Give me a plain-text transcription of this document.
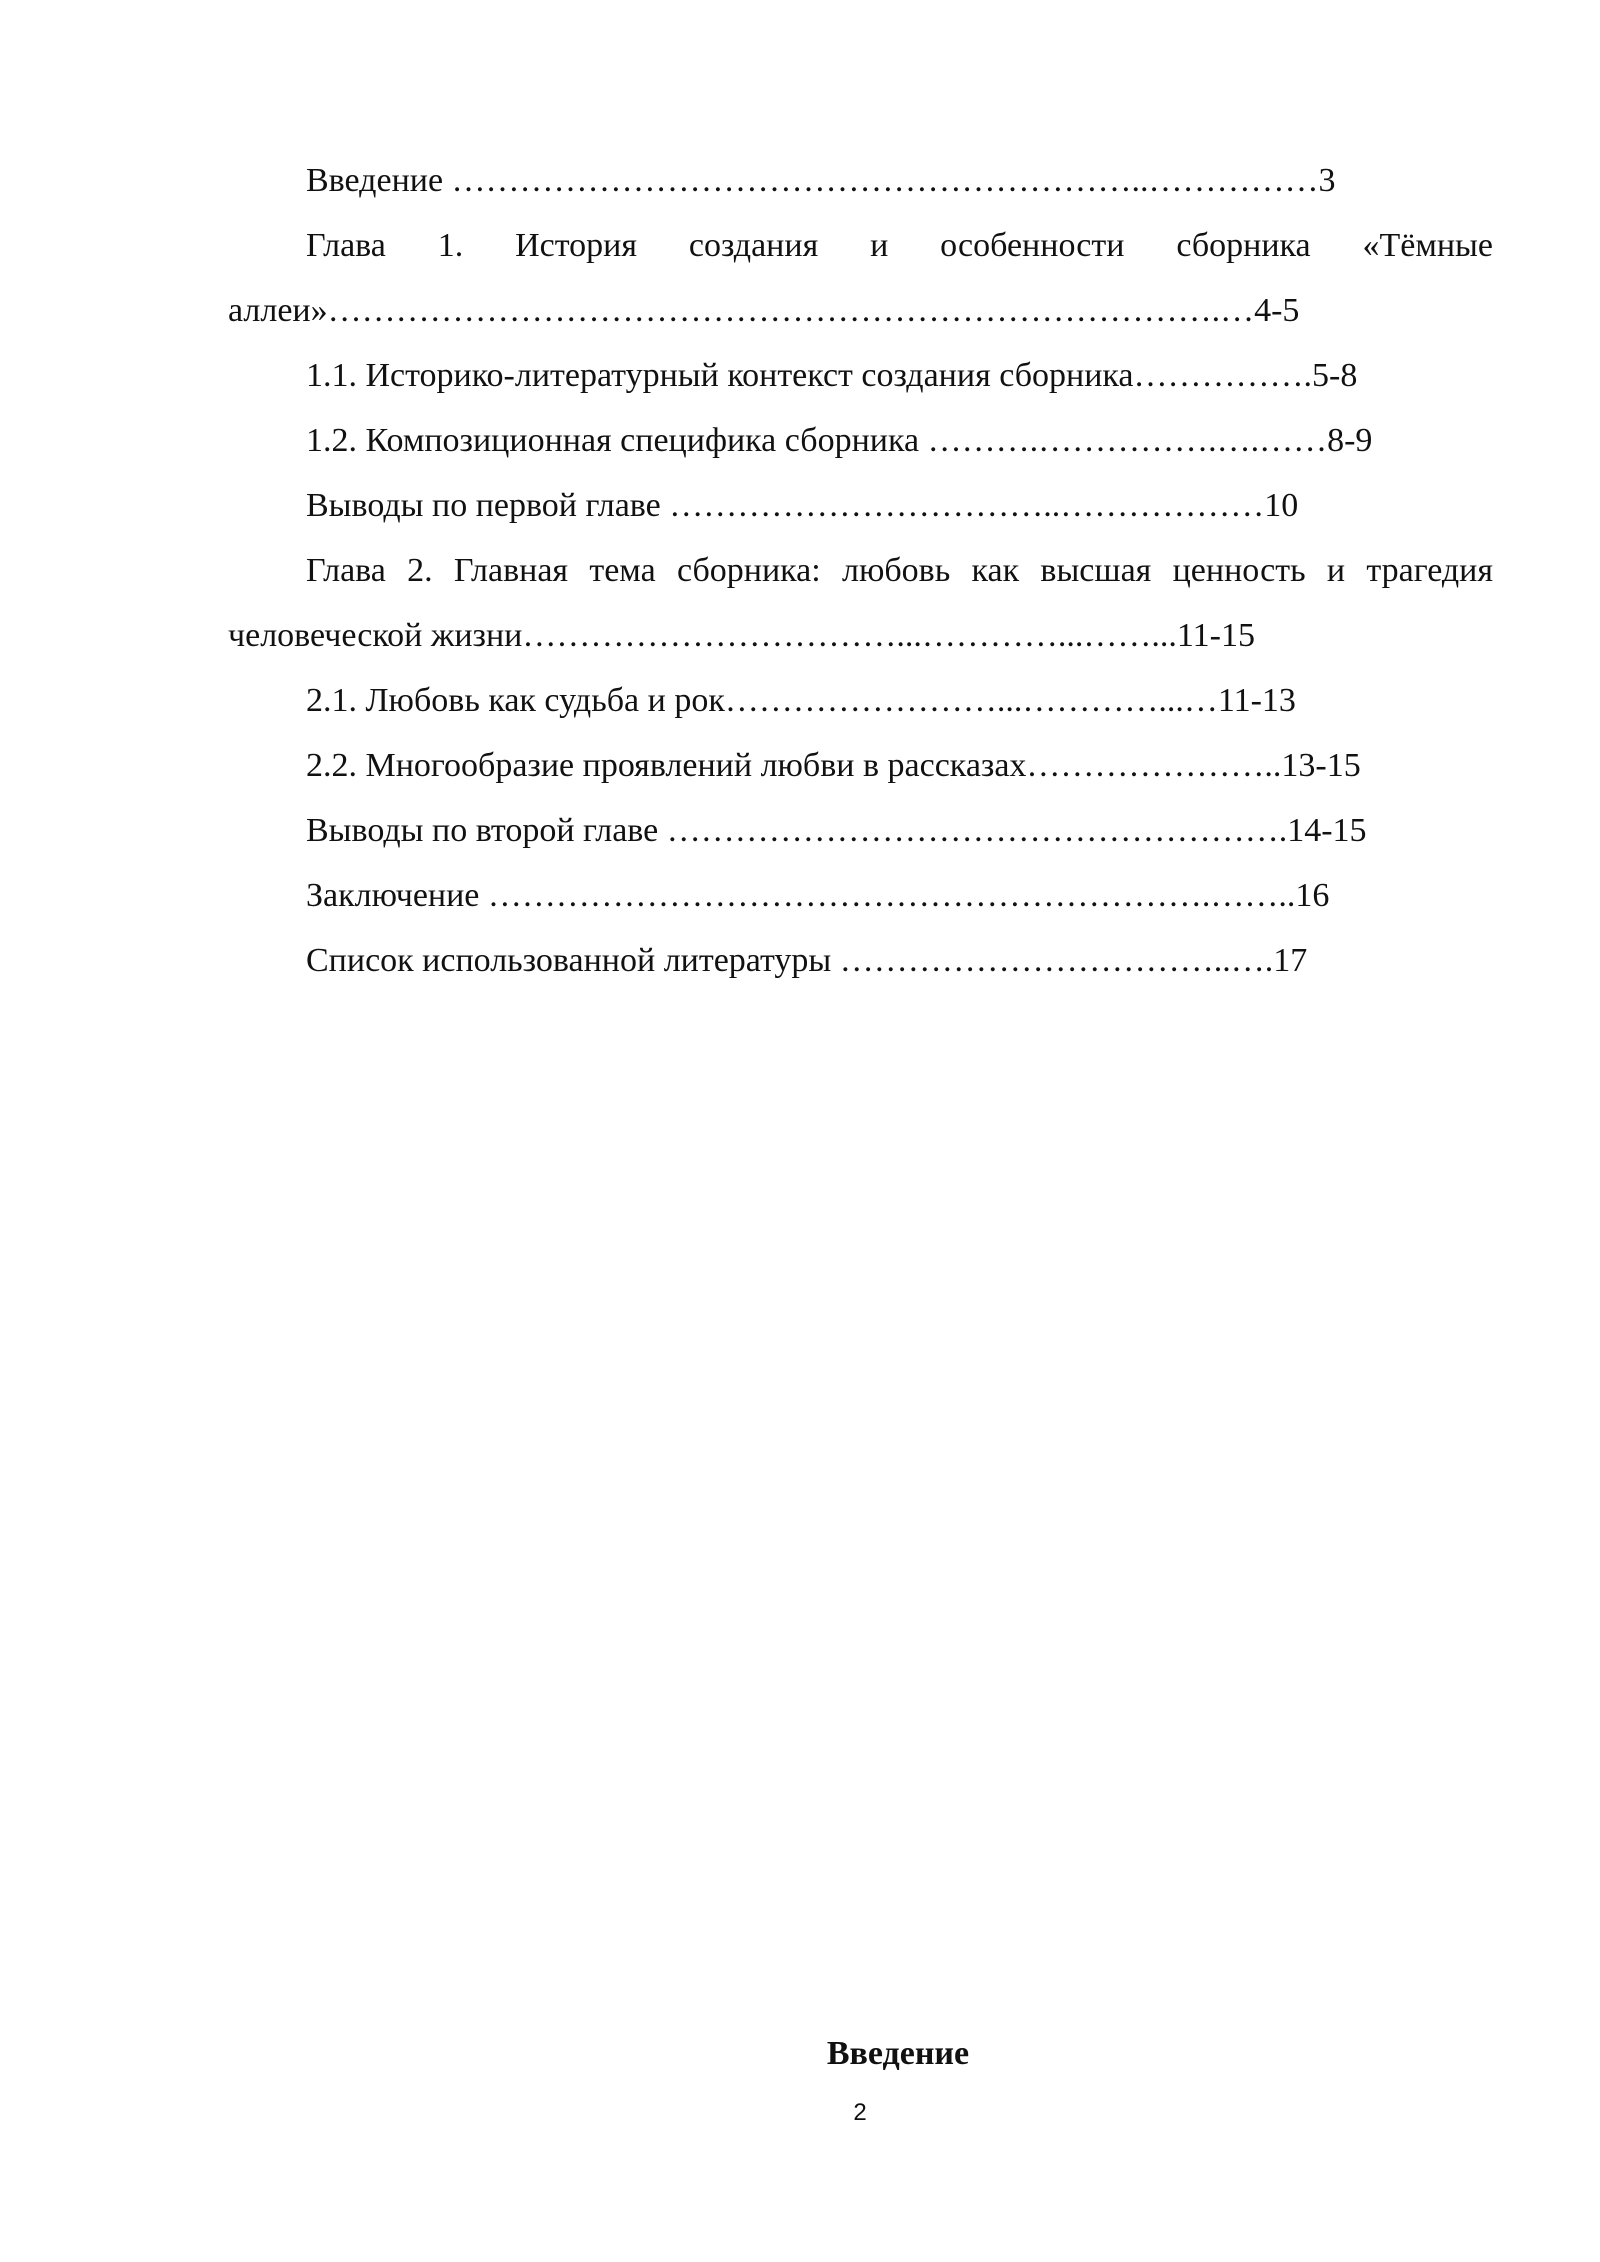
Введение ……………………………………………………..……………3
Глава 1. История создания и особенности сборника «Тёмные
аллеи»…………………………………………………………………….…4-5
1.1. Историко-литературный контекст создания сборника…………….5-8
1.2. Композиционная специфика сборника ……….…………….….……8-9
Выводы по первой главе ……………………………..………………10
Глава 2. Главная тема сборника: любовь как высшая ценность и трагедия
человеческой жизни……………………………...…………...……...11-15
2.1. Любовь как судьба и рок……………………...…………...…11-13
2.2. Многообразие проявлений любви в рассказах…………………..13-15
Выводы по второй главе ……………………………………………….14-15
Заключение ……………………………………………………….……..16
Список использованной литературы ……………………………..….17
Введение
2
